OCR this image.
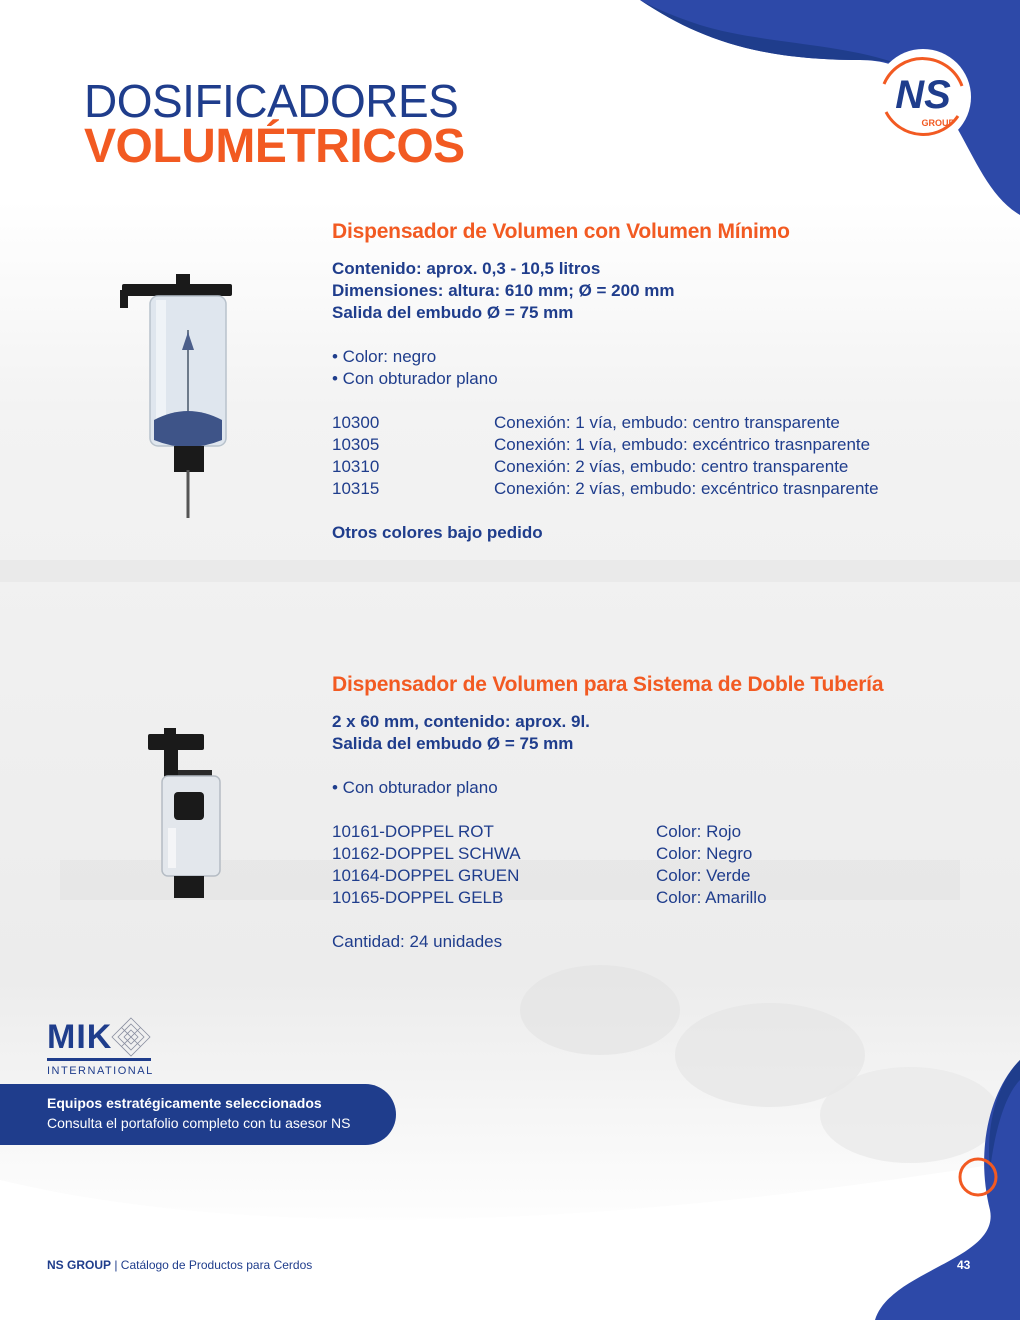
NS
GROUP
DOSIFICADORES
VOLUMÉTRICOS
Dispensador de Volumen con Volumen Mínimo
Contenido: aprox. 0,3 - 10,5 litros
Dimensiones: altura: 610 mm; Ø = 200 mm
Salida del embudo Ø = 75 mm
• Color: negro
• Con obturador plano
10300	Conexión: 1 vía, embudo: centro transparente
10305	Conexión: 1 vía, embudo: excéntrico trasnparente
10310	Conexión: 2 vías, embudo: centro transparente
10315	Conexión: 2 vías, embudo: excéntrico trasnparente
Otros colores bajo pedido
Dispensador de Volumen para Sistema de Doble Tubería
2 x 60 mm, contenido: aprox. 9l.
Salida del embudo Ø = 75 mm
• Con obturador plano
10161-DOPPEL ROT	Color: Rojo
10162-DOPPEL SCHWA	Color: Negro
10164-DOPPEL GRUEN	Color: Verde
10165-DOPPEL GELB	Color: Amarillo
Cantidad: 24 unidades
MIK
INTERNATIONAL
Equipos estratégicamente seleccionados
Consulta el portafolio completo con tu asesor NS
NS GROUP | Catálogo de Productos para Cerdos	43
